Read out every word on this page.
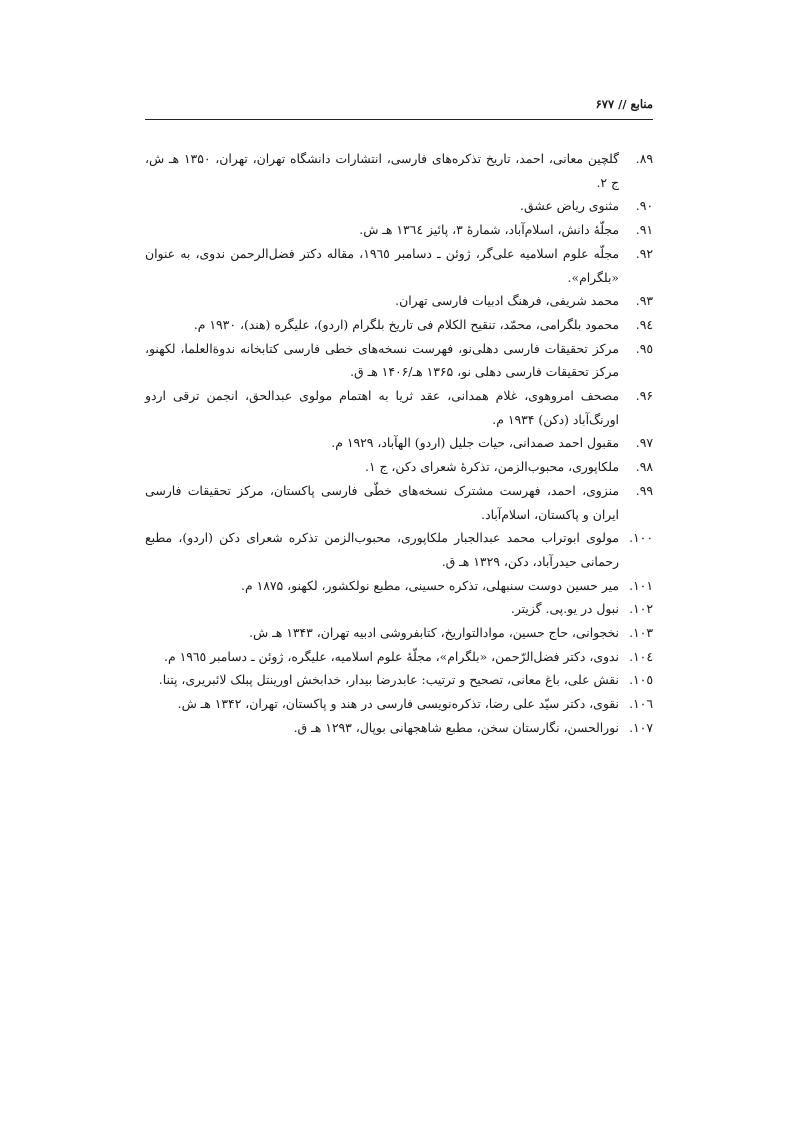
منابع // ۶۷۷
۸۹.
گلچین معانی، احمد، تاریخ تذکره‌های فارسی، انتشارات دانشگاه تهران، تهران، ۱۳۵۰ هـ ش، ج ۲.
۹۰.
مثنوی ریاض عشق.
۹۱.
مجلّهٔ دانش، اسلام‌آباد، شمارهٔ ۳، پائیز ١٣٦٤ هـ ش.
۹۲.
مجلّه علوم اسلامیه علی‌گر، ژوئن ـ دسامبر ۱۹٦٥، مقاله دکتر فضل‌الرحمن ندوی، به عنوان «بلگرام».
۹۳.
محمد شریفی، فرهنگ ادبیات فارسی تهران.
۹٤.
محمود بلگرامی، محمّد، تنقیح الکلام فی تاریخ بلگرام (اردو)، علیگره (هند)، ۱۹۳۰ م.
۹٥.
مرکز تحقیقات فارسی دهلی‌نو، فهرست نسخه‌های خطی فارسی کتابخانه ندوةالعلما، لکهنو، مرکز تحقیقات فارسی دهلی نو، ۱۳۶۵ هـ/۱۴۰۶ هـ ق.
۹۶.
مصحف امروهوی، غلام همدانی، عقد ثریا به اهتمام مولوی عبدالحق، انجمن ترقی اردو اورنگ‌آباد (دکن) ۱۹۳۴ م.
۹۷.
مقبول احمد صمدانی، حیات جلیل (اردو) الهآباد، ۱۹۲۹ م.
۹۸.
ملکاپوری، محبوب‌الزمن، تذکرهٔ شعرای دکن، ج ۱.
۹۹.
منزوی، احمد، فهرست مشترک نسخه‌های خطّی فارسی پاکستان، مرکز تحقیقات فارسی ایران و پاکستان، اسلام‌آباد.
۱۰۰.
مولوی ابوتراب محمد عبدالجبار ملکاپوری، محبوب‌الزمن تذکره شعرای دکن (اردو)، مطبع رحمانی حیدرآباد، دکن، ۱۳۲۹ هـ ق.
۱۰۱.
میر حسین دوست سنبهلی، تذکره حسینی، مطبع نولکشور، لکهنو، ۱۸۷۵ م.
۱۰۲.
نبول در یو.پی. گزیتر.
۱۰۳.
نخجوانی، حاج حسین، موادالتواریخ، کتابفروشی ادبیه تهران، ۱۳۴۳ هـ ش.
۱۰٤.
ندوی، دکتر فضل‌الرّحمن، «بلگرام»، مجلّهٔ علوم اسلامیه، علیگره، ژوئن ـ دسامبر ۱۹٦٥ م.
۱۰٥.
نقش علی، باغ معانی، تصحیح و ترتیب: عابدرضا بیدار، خدابخش اورینتل پبلک لائبریری، پتنا.
۱۰٦.
نقوی، دکتر سیّد علی رضا، تذکره‌نویسی فارسی در هند و پاکستان، تهران، ۱۳۴۲ هـ ش.
۱۰۷.
نورالحسن، نگارستان سخن، مطبع شاهجهانی بوپال، ۱۲۹۳ هـ ق.
